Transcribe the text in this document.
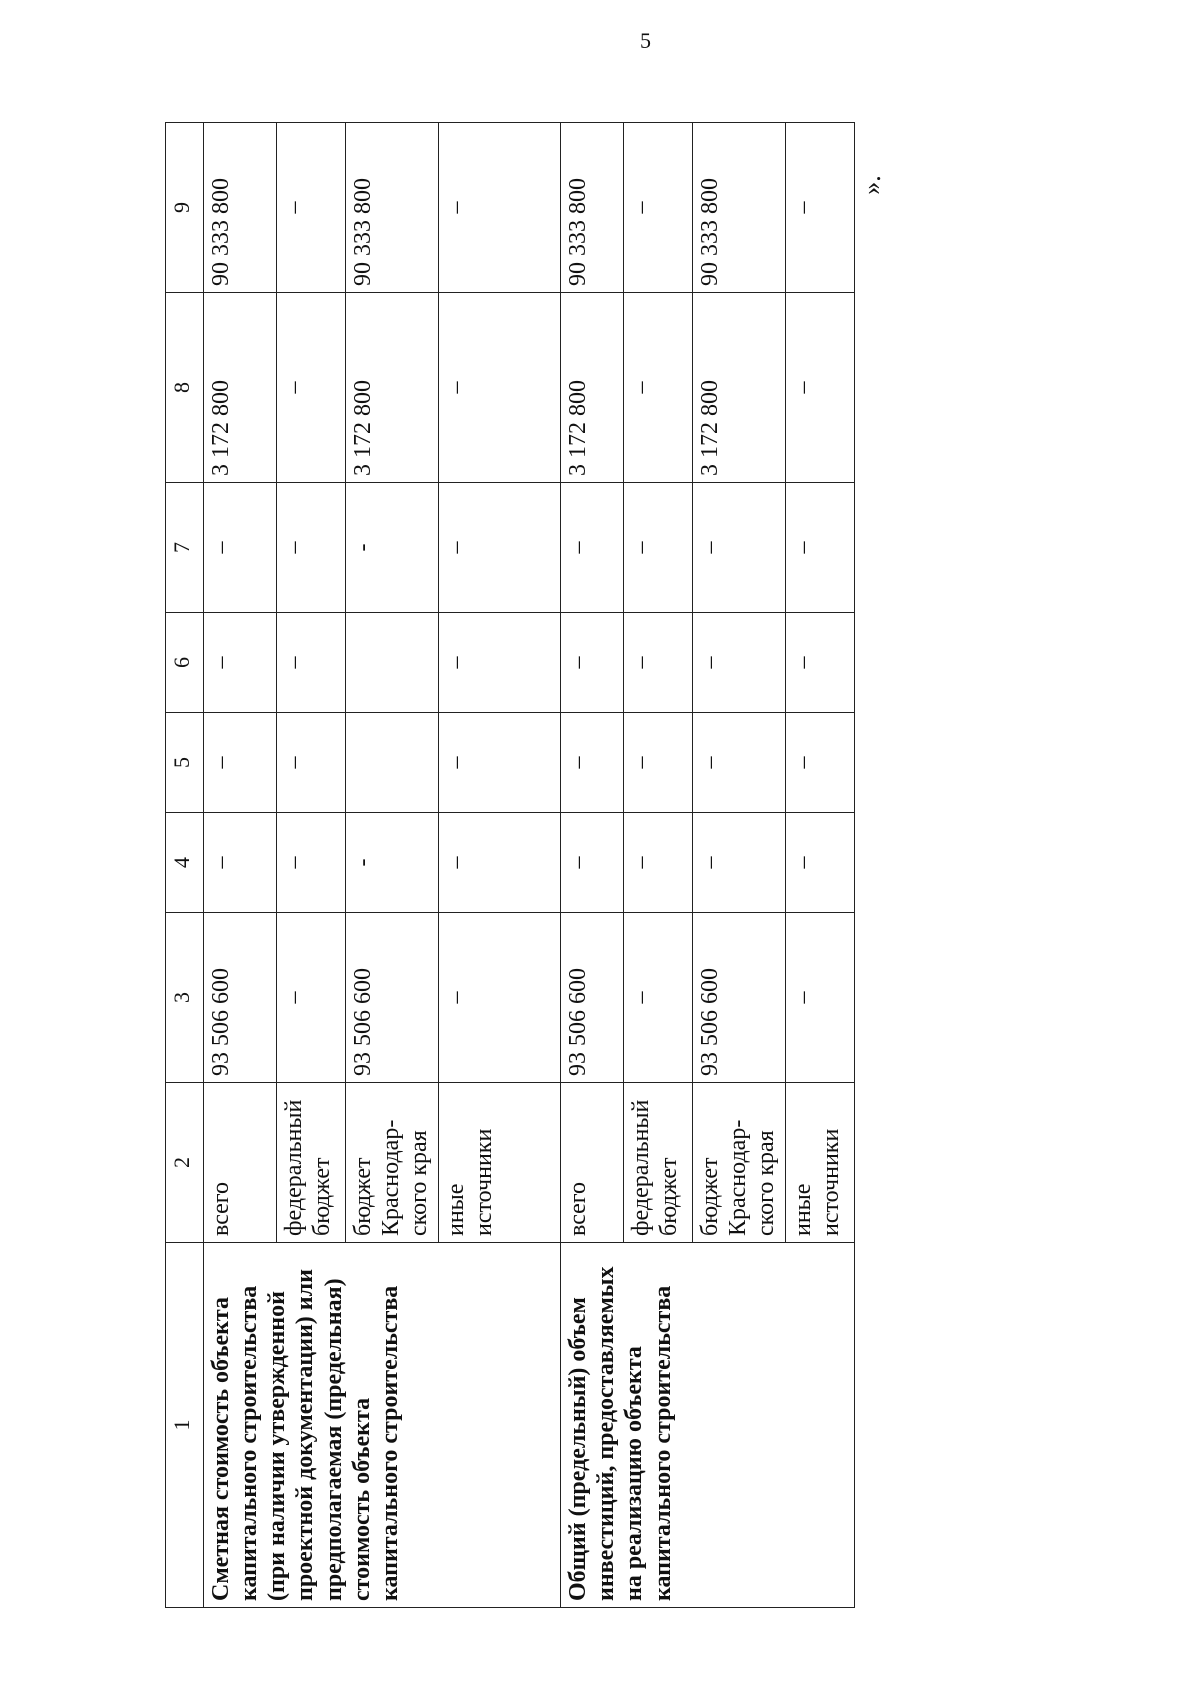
5
1	2	3	4	5	6	7	8	9
Сметная стоимость объекта капитального строительства (при наличии утвержденной проектной документации) или предполагаемая (предельная) стоимость объекта капитального строительства	всего	93 506 600	–	–	–	–	3 172 800	90 333 800
	федеральный бюджет	–	–	–	–	–	–	–
	бюджет Краснодар-ского края	93 506 600	-			-	3 172 800	90 333 800
	иные источники	–	–	–	–	–	–	–
Общий (предельный) объем инвестиций, предоставляемых на реализацию объекта капитального строительства	всего	93 506 600	–	–	–	–	3 172 800	90 333 800
	федеральный бюджет	–	–	–	–	–	–	–
	бюджет Краснодар-ского края	93 506 600	–	–	–	–	3 172 800	90 333 800
	иные источники	–	–	–	–	–	–	–
».
